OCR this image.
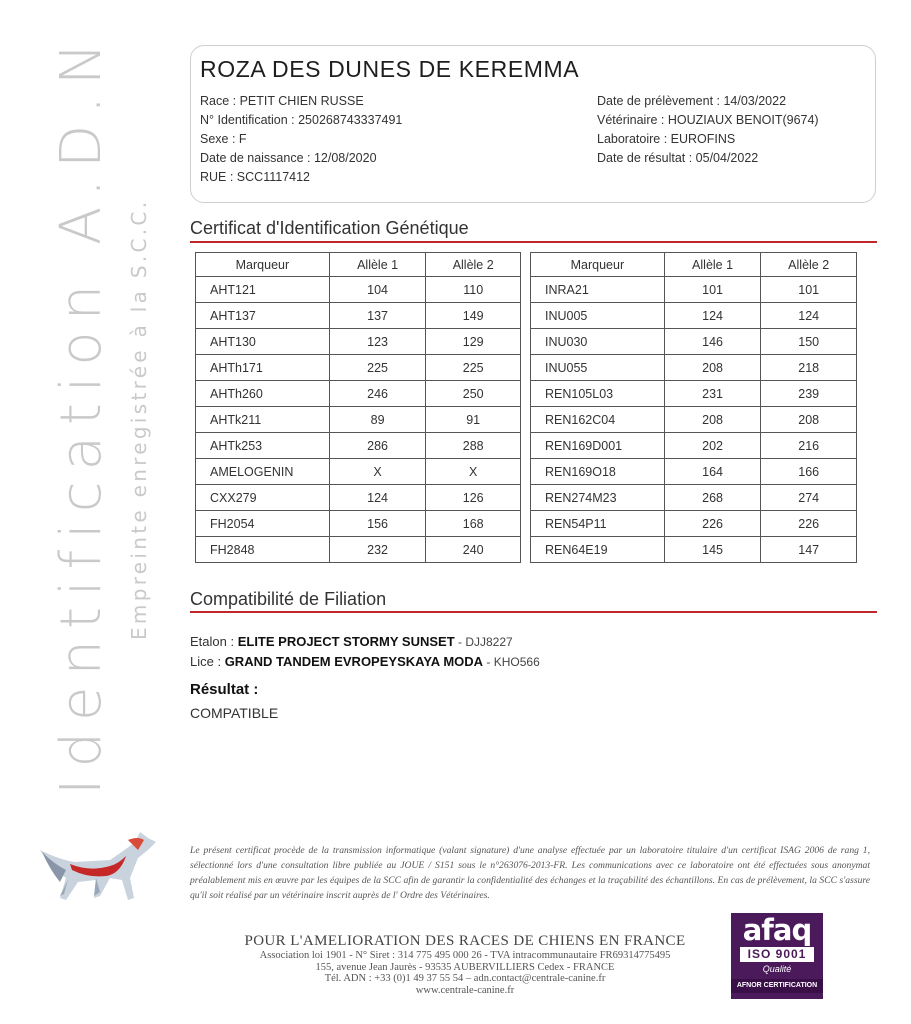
Identification A.D.N Empreinte enregistrée à la S.C.C.
ROZA DES DUNES DE KEREMMA
Race : PETIT CHIEN RUSSE
N° Identification : 250268743337491
Sexe : F
Date de naissance : 12/08/2020
RUE : SCC1117412
Date de prélèvement : 14/03/2022
Vétérinaire : HOUZIAUX BENOIT(9674)
Laboratoire : EUROFINS
Date de résultat : 05/04/2022
Certificat d'Identification Génétique
Marqueur	Allèle 1	Allèle 2
AHT121	104	110
AHT137	137	149
AHT130	123	129
AHTh171	225	225
AHTh260	246	250
AHTk211	89	91
AHTk253	286	288
AMELOGENIN	X	X
CXX279	124	126
FH2054	156	168
FH2848	232	240
Marqueur	Allèle 1	Allèle 2
INRA21	101	101
INU005	124	124
INU030	146	150
INU055	208	218
REN105L03	231	239
REN162C04	208	208
REN169D001	202	216
REN169O18	164	166
REN274M23	268	274
REN54P11	226	226
REN64E19	145	147
Compatibilité de Filiation
Etalon : ELITE PROJECT STORMY SUNSET - DJJ8227
Lice : GRAND TANDEM EVROPEYSKAYA MODA - KHO566
Résultat :
COMPATIBLE
Le présent certificat procède de la transmission informatique (valant signature) d'une analyse effectuée par un laboratoire titulaire d'un certificat ISAG 2006 de rang 1, sélectionné lors d'une consultation libre publiée au JOUE / S151 sous le n°263076-2013-FR. Les communications avec ce laboratoire ont été effectuées sous anonymat préalablement mis en œuvre par les équipes de la SCC afin de garantir la confidentialité des échanges et la traçabilité des échantillons. En cas de prélèvement, la SCC s'assure qu'il soit réalisé par un vétérinaire inscrit auprès de l' Ordre des Vétérinaires.
POUR L'AMELIORATION DES RACES DE CHIENS EN FRANCE
Association loi 1901 - N° Siret : 314 775 495 000 26 - TVA intracommunautaire FR69314775495
155, avenue Jean Jaurès - 93535 AUBERVILLIERS Cedex - FRANCE
Tél. ADN : +33 (0)1 49 37 55 54 – adn.contact@centrale-canine.fr
www.centrale-canine.fr
afaq
ISO 9001
Qualité
AFNOR CERTIFICATION
